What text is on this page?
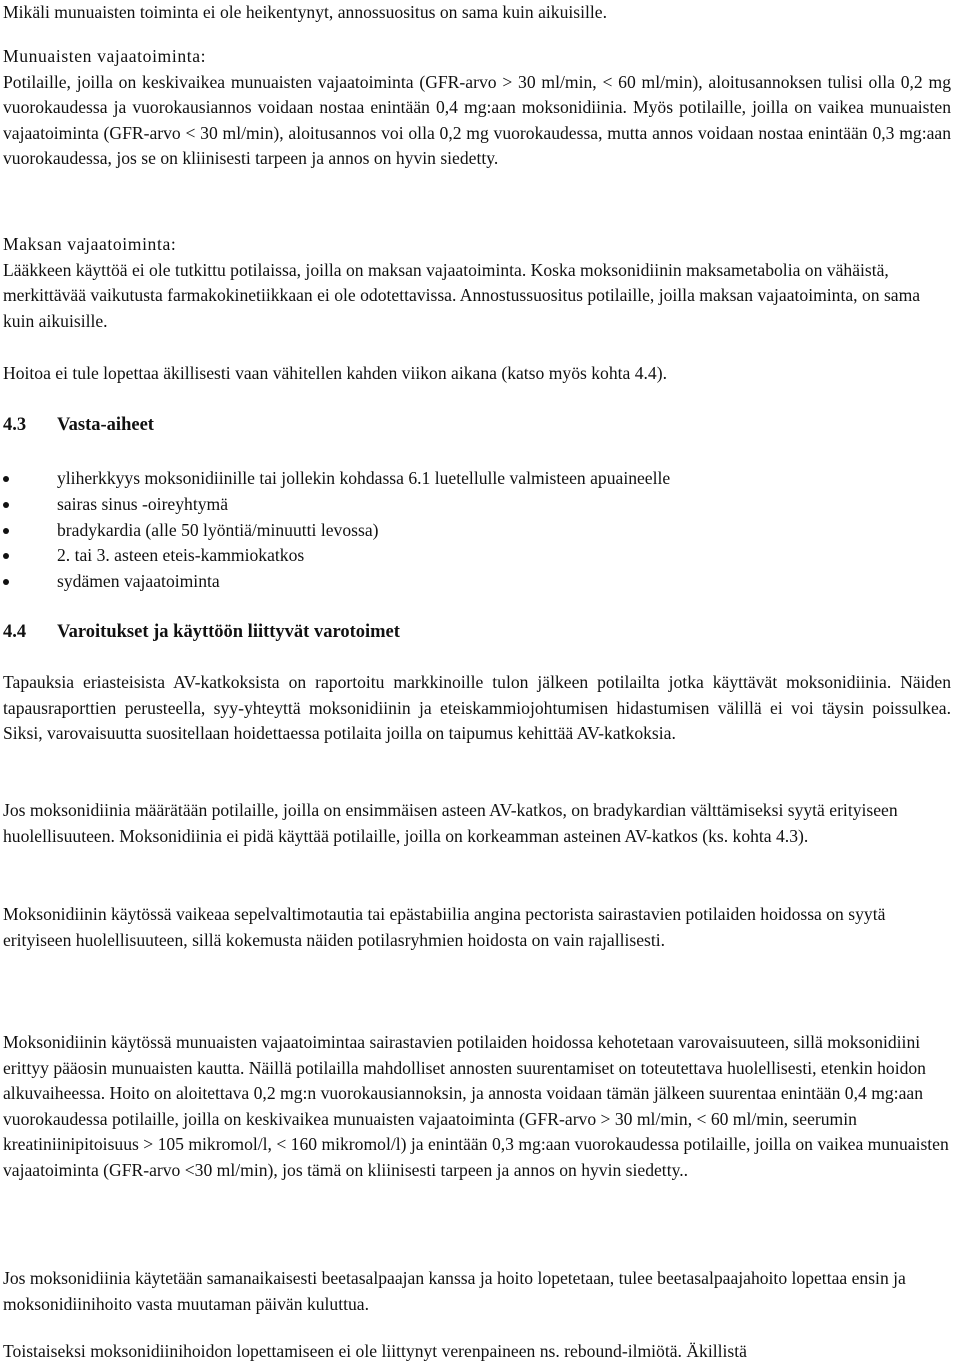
Mikäli munuaisten toiminta ei ole heikentynyt, annossuositus on sama kuin aikuisille.

Munuaisten vajaatoiminta:

Potilaille, joilla on keskivaikea munuaisten vajaatoiminta (GFR-arvo > 30 ml/min, < 60 ml/min), aloitusannoksen tulisi olla 0,2 mg vuorokaudessa ja vuorokausiannos voidaan nostaa enintään 0,4 mg:aan moksonidiinia. Myös potilaille, joilla on vaikea munuaisten vajaatoiminta (GFR-arvo < 30 ml/min), aloitusannos voi olla 0,2 mg vuorokaudessa, mutta annos voidaan nostaa enintään 0,3 mg:aan vuorokaudessa, jos se on kliinisesti tarpeen ja annos on hyvin siedetty.

Maksan vajaatoiminta:

Lääkkeen käyttöä ei ole tutkittu potilaissa, joilla on maksan vajaatoiminta. Koska moksonidiinin maksametabolia on vähäistä, merkittävää vaikutusta farmakokinetiikkaan ei ole odotettavissa. Annostussuositus potilaille, joilla maksan vajaatoiminta, on sama kuin aikuisille.

Hoitoa ei tule lopettaa äkillisesti vaan vähitellen kahden viikon aikana (katso myös kohta 4.4).

4.3 Vasta-aiheet
yliherkkyys moksonidiinille tai jollekin kohdassa 6.1 luetellulle valmisteen apuaineelle
sairas sinus -oireyhtymä
bradykardia (alle 50 lyöntiä/minuutti levossa)
2. tai 3. asteen eteis-kammiokatkos
sydämen vajaatoiminta
4.4 Varoitukset ja käyttöön liittyvät varotoimet

Tapauksia eriasteisista AV-katkoksista on raportoitu markkinoille tulon jälkeen potilailta jotka käyttävät moksonidiinia. Näiden tapausraporttien perusteella, syy-yhteyttä moksonidiinin ja eteiskammiojohtumisen hidastumisen välillä ei voi täysin poissulkea. Siksi, varovaisuutta suositellaan hoidettaessa potilaita joilla on taipumus kehittää AV-katkoksia.

Jos moksonidiinia määrätään potilaille, joilla on ensimmäisen asteen AV-katkos, on bradykardian välttämiseksi syytä erityiseen huolellisuuteen. Moksonidiinia ei pidä käyttää potilaille, joilla on korkeamman asteinen AV-katkos (ks. kohta 4.3).

Moksonidiinin käytössä vaikeaa sepelvaltimotautia tai epästabiilia angina pectorista sairastavien potilaiden hoidossa on syytä erityiseen huolellisuuteen, sillä kokemusta näiden potilasryhmien hoidosta on vain rajallisesti.

Moksonidiinin käytössä munuaisten vajaatoimintaa sairastavien potilaiden hoidossa kehotetaan varovaisuuteen, sillä moksonidiini erittyy pääosin munuaisten kautta. Näillä potilailla mahdolliset annosten suurentamiset on toteutettava huolellisesti, etenkin hoidon alkuvaiheessa. Hoito on aloitettava 0,2 mg:n vuorokausiannoksin, ja annosta voidaan tämän jälkeen suurentaa enintään 0,4 mg:aan vuorokaudessa potilaille, joilla on keskivaikea munuaisten vajaatoiminta (GFR-arvo > 30 ml/min, < 60 ml/min, seerumin kreatiniinipitoisuus > 105 mikromol/l, < 160 mikromol/l) ja enintään 0,3 mg:aan vuorokaudessa potilaille, joilla on vaikea munuaisten vajaatoiminta (GFR-arvo <30 ml/min), jos tämä on kliinisesti tarpeen ja annos on hyvin siedetty..

Jos moksonidiinia käytetään samanaikaisesti beetasalpaajan kanssa ja hoito lopetetaan, tulee beetasalpaajahoito lopettaa ensin ja moksonidiinihoito vasta muutaman päivän kuluttua.

Toistaiseksi moksonidiinihoidon lopettamiseen ei ole liittynyt verenpaineen ns. rebound-ilmiötä. Äkillistä
